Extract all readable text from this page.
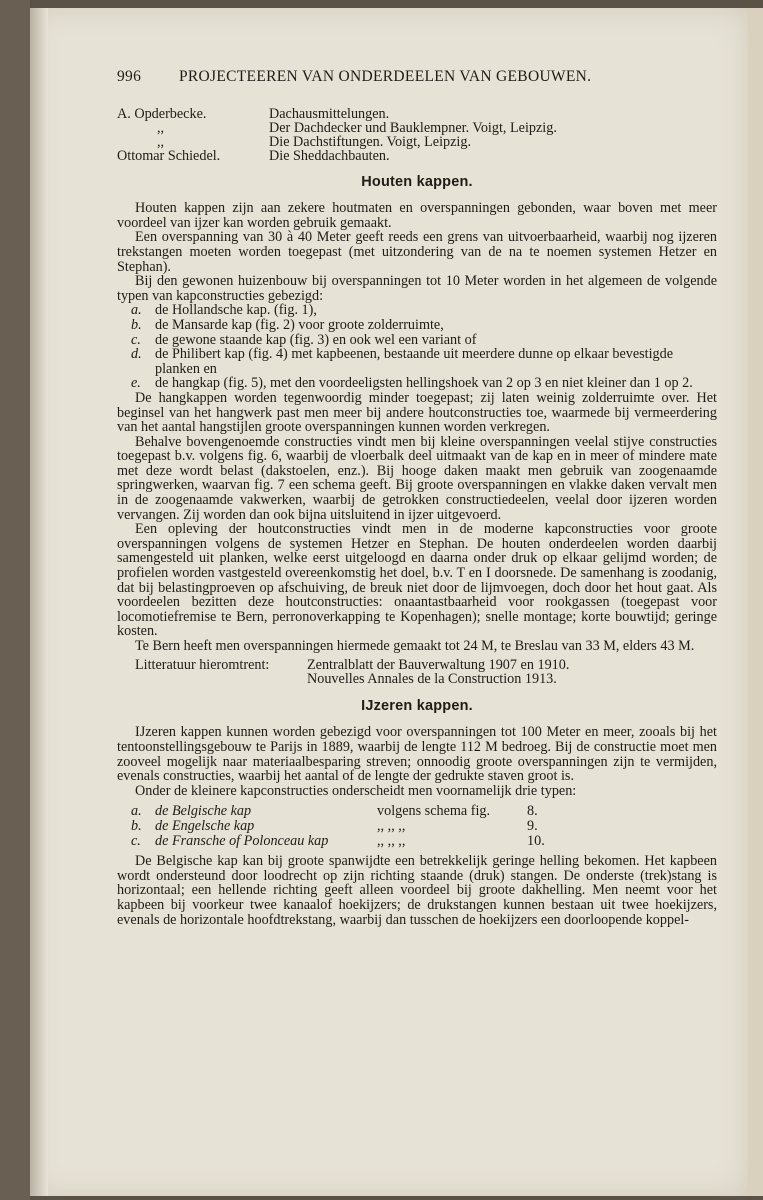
996	PROJECTEEREN VAN ONDERDEELEN VAN GEBOUWEN.
A. Opderbecke.	Dachausmittelungen.
,,	Der Dachdecker und Bauklempner. Voigt, Leipzig.
,,	Die Dachstiftungen. Voigt, Leipzig.
Ottomar Schiedel.	Die Sheddachbauten.
Houten kappen.

Houten kappen zijn aan zekere houtmaten en overspanningen gebonden, waar boven met meer voordeel van ijzer kan worden gebruik gemaakt.

Een overspanning van 30 à 40 Meter geeft reeds een grens van uitvoerbaarheid, waarbij nog ijzeren trekstangen moeten worden toegepast (met uitzondering van de na te noemen systemen Hetzer en Stephan).

Bij den gewonen huizenbouw bij overspanningen tot 10 Meter worden in het algemeen de volgende typen van kapconstructies gebezigd:

a. de Hollandsche kap. (fig. 1),
b. de Mansarde kap (fig. 2) voor groote zolderruimte,
c. de gewone staande kap (fig. 3) en ook wel een variant of
d. de Philibert kap (fig. 4) met kapbeenen, bestaande uit meerdere dunne op elkaar bevestigde planken en
e. de hangkap (fig. 5), met den voordeeligsten hellingshoek van 2 op 3 en niet kleiner dan 1 op 2.

De hangkappen worden tegenwoordig minder toegepast; zij laten weinig zolderruimte over. Het beginsel van het hangwerk past men meer bij andere houtconstructies toe, waarmede bij vermeerdering van het aantal hangstijlen groote overspanningen kunnen worden verkregen.

Behalve bovengenoemde constructies vindt men bij kleine overspanningen veelal stijve constructies toegepast b.v. volgens fig. 6, waarbij de vloerbalk deel uitmaakt van de kap en in meer of mindere mate met deze wordt belast (dakstoelen, enz.). Bij hooge daken maakt men gebruik van zoogenaamde springwerken, waarvan fig. 7 een schema geeft. Bij groote overspanningen en vlakke daken vervalt men in de zoogenaamde vakwerken, waarbij de getrokken constructiedeelen, veelal door ijzeren worden vervangen. Zij worden dan ook bijna uitsluitend in ijzer uitgevoerd.

Een opleving der houtconstructies vindt men in de moderne kapconstructies voor groote overspanningen volgens de systemen Hetzer en Stephan. De houten onderdeelen worden daarbij samengesteld uit planken, welke eerst uitgeloogd en daarna onder druk op elkaar gelijmd worden; de profielen worden vastgesteld overeenkomstig het doel, b.v. T en I doorsnede. De samenhang is zoodanig, dat bij belastingproeven op afschuiving, de breuk niet door de lijmvoegen, doch door het hout gaat. Als voordeelen bezitten deze houtconstructies: onaantastbaarheid voor rookgassen (toegepast voor locomotiefremise te Bern, perronoverkapping te Kopenhagen); snelle montage; korte bouwtijd; geringe kosten.

Te Bern heeft men overspanningen hiermede gemaakt tot 24 M, te Breslau van 33 M, elders 43 M.

Litteratuur hieromtrent:	Zentralblatt der Bauverwaltung 1907 en 1910.
Nouvelles Annales de la Construction 1913.
IJzeren kappen.

IJzeren kappen kunnen worden gebezigd voor overspanningen tot 100 Meter en meer, zooals bij het tentoonstellingsgebouw te Parijs in 1889, waarbij de lengte 112 M bedroeg. Bij de constructie moet men zooveel mogelijk naar materiaalbesparing streven; onnoodig groote overspanningen zijn te vermijden, evenals constructies, waarbij het aantal of de lengte der gedrukte staven groot is.

Onder de kleinere kapconstructies onderscheidt men voornamelijk drie typen:

a. de Belgische kap	volgens schema fig.	8.
b. de Engelsche kap	,, ,, ,,	9.
c. de Fransche of Polonceau kap	,, ,, ,,	10.

De Belgische kap kan bij groote spanwijdte een betrekkelijk geringe helling bekomen. Het kapbeen wordt ondersteund door loodrecht op zijn richting staande (druk) stangen. De onderste (trek)stang is horizontaal; een hellende richting geeft alleen voordeel bij groote dakhelling. Men neemt voor het kapbeen bij voorkeur twee kanaalof hoekijzers; de drukstangen kunnen bestaan uit twee hoekijzers, evenals de horizontale hoofdtrekstang, waarbij dan tusschen de hoekijzers een doorloopende koppel-
